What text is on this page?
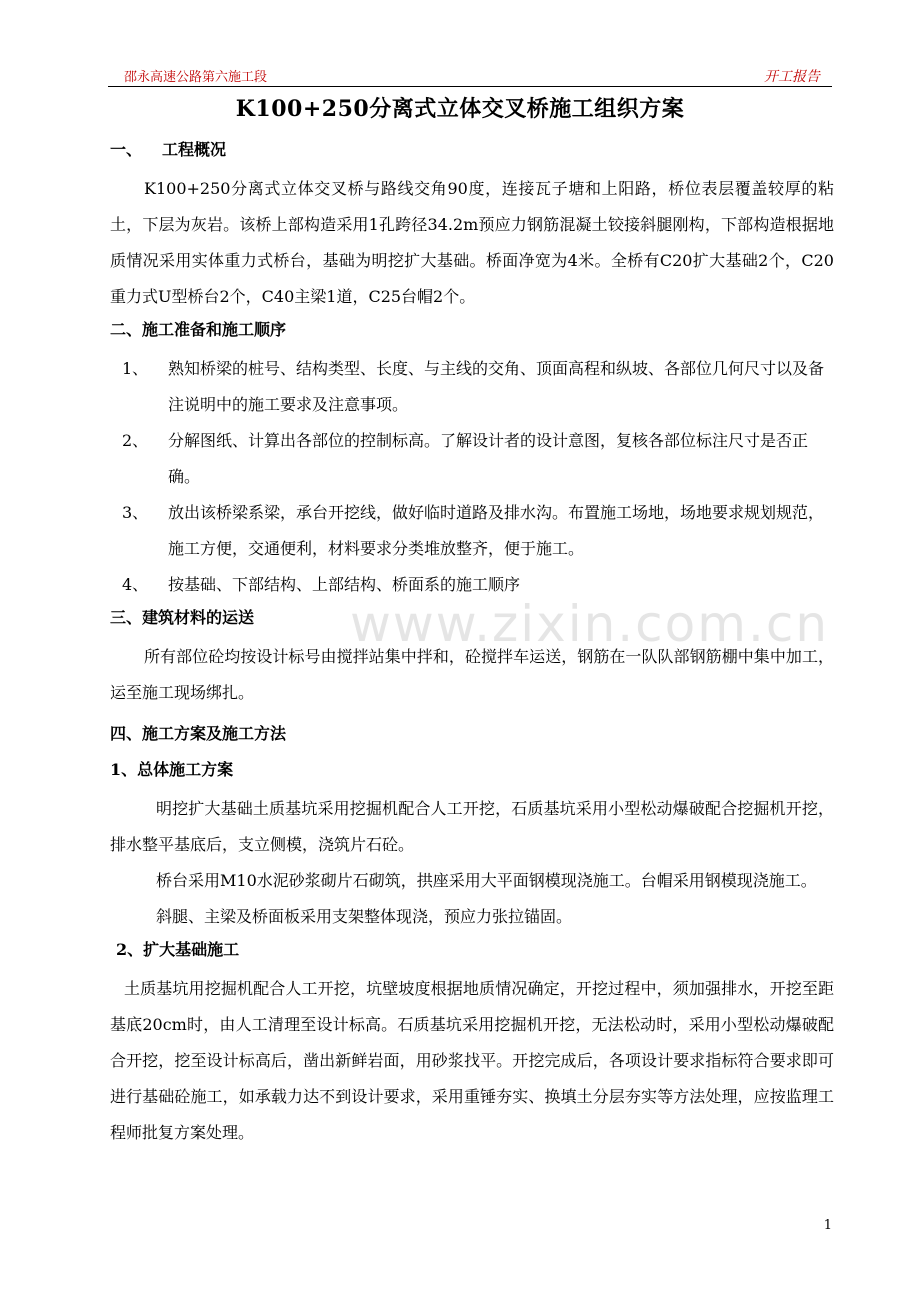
邵永高速公路第六施工段	开工报告
K100+250分离式立体交叉桥施工组织方案
一、 工程概况
K100+250分离式立体交叉桥与路线交角90度，连接瓦子塘和上阳路，桥位表层覆盖较厚的粘土，下层为灰岩。该桥上部构造采用1孔跨径34.2m预应力钢筋混凝土铰接斜腿刚构，下部构造根据地质情况采用实体重力式桥台，基础为明挖扩大基础。桥面净宽为4米。全桥有C20扩大基础2个，C20重力式U型桥台2个，C40主梁1道，C25台帽2个。
二、施工准备和施工顺序
1、	熟知桥梁的桩号、结构类型、长度、与主线的交角、顶面高程和纵坡、各部位几何尺寸以及备注说明中的施工要求及注意事项。
2、	分解图纸、计算出各部位的控制标高。了解设计者的设计意图，复核各部位标注尺寸是否正确。
3、	放出该桥梁系梁，承台开挖线，做好临时道路及排水沟。布置施工场地，场地要求规划规范，施工方便，交通便利，材料要求分类堆放整齐，便于施工。
4、	按基础、下部结构、上部结构、桥面系的施工顺序
三、建筑材料的运送
所有部位砼均按设计标号由搅拌站集中拌和，砼搅拌车运送，钢筋在一队队部钢筋棚中集中加工，运至施工现场绑扎。
四、施工方案及施工方法
1、总体施工方案
明挖扩大基础土质基坑采用挖掘机配合人工开挖，石质基坑采用小型松动爆破配合挖掘机开挖，排水整平基底后，支立侧模，浇筑片石砼。
桥台采用M10水泥砂浆砌片石砌筑，拱座采用大平面钢模现浇施工。台帽采用钢模现浇施工。
斜腿、主梁及桥面板采用支架整体现浇，预应力张拉锚固。
2、扩大基础施工
土质基坑用挖掘机配合人工开挖，坑壁坡度根据地质情况确定，开挖过程中，须加强排水，开挖至距基底20cm时，由人工清理至设计标高。石质基坑采用挖掘机开挖，无法松动时，采用小型松动爆破配合开挖，挖至设计标高后，凿出新鲜岩面，用砂浆找平。开挖完成后，各项设计要求指标符合要求即可进行基础砼施工，如承载力达不到设计要求，采用重锤夯实、换填土分层夯实等方法处理，应按监理工程师批复方案处理。
www.zixin.com.cn
1
